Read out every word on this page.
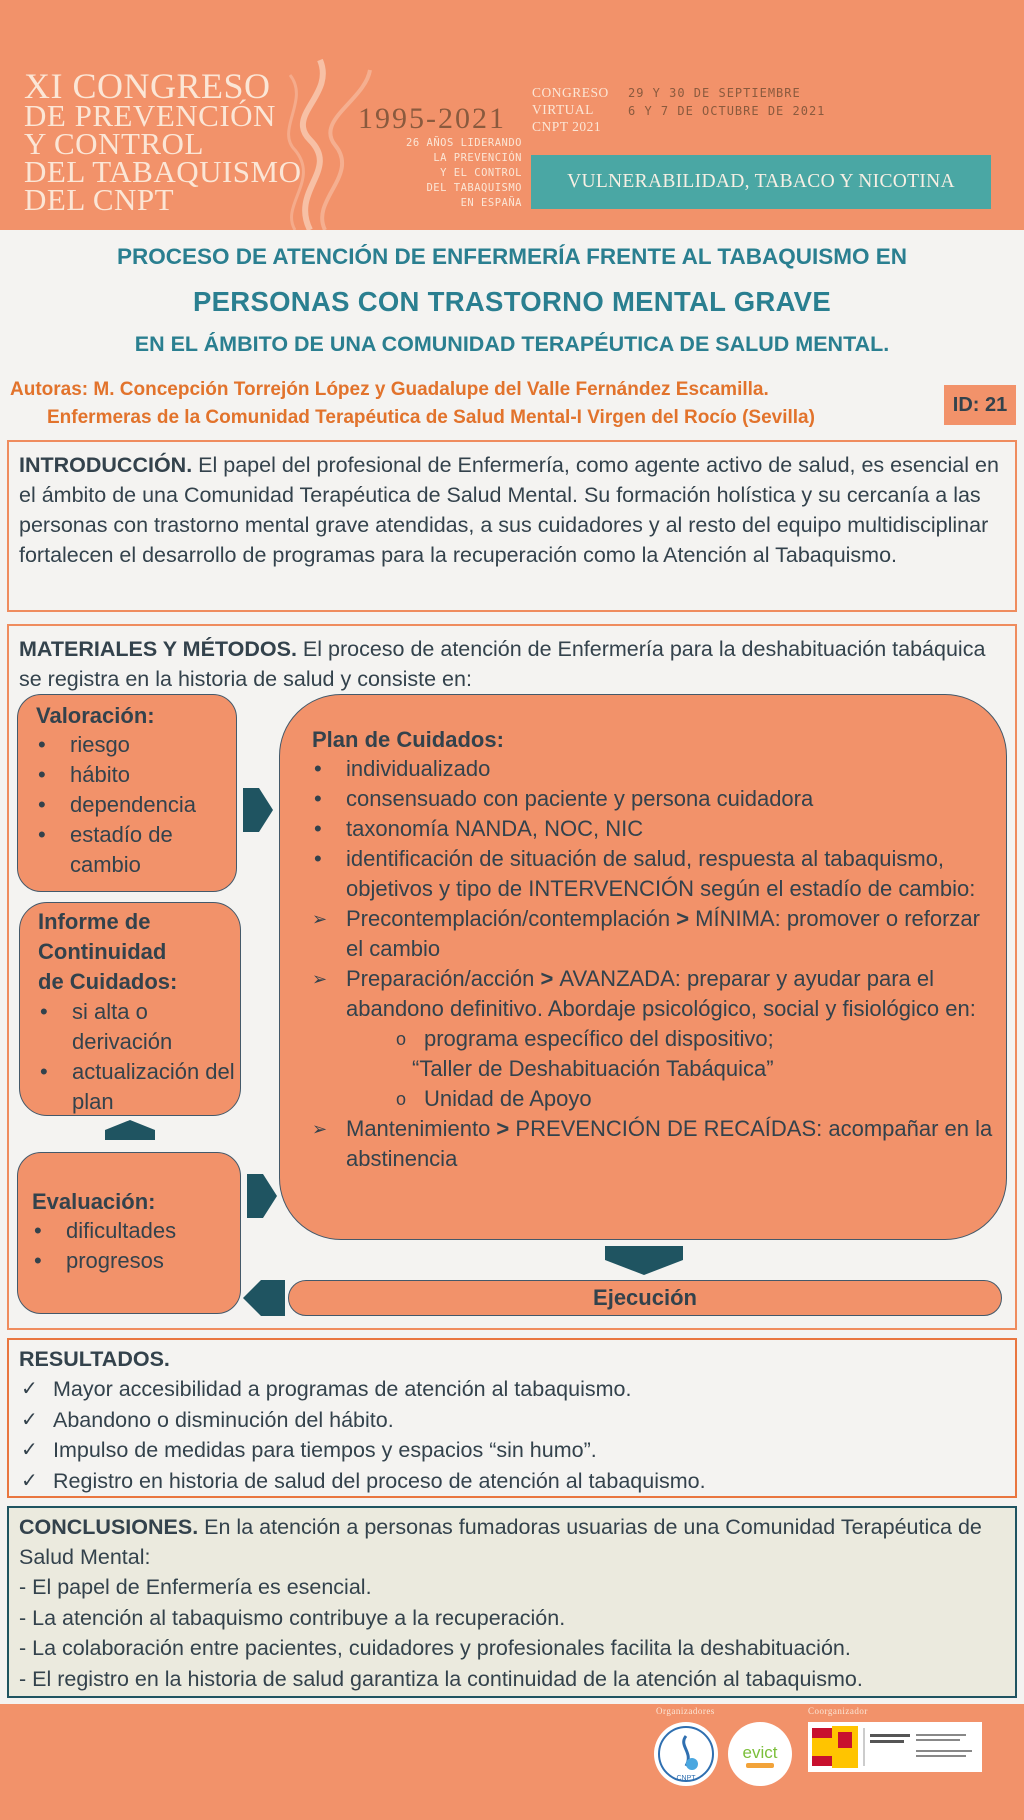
XI CONGRESO
DE PREVENCIÓN
Y CONTROL
DEL TABAQUISMO
DEL CNPT
1995-2021
26 AÑOS LIDERANDO
LA PREVENCIÓN
Y EL CONTROL
DEL TABAQUISMO
EN ESPAÑA
CONGRESO
VIRTUAL
CNPT 2021
29 Y 30 DE SEPTIEMBRE
6 Y 7 DE OCTUBRE DE 2021
VULNERABILIDAD, TABACO Y NICOTINA
PROCESO DE ATENCIÓN DE ENFERMERÍA FRENTE AL TABAQUISMO EN
PERSONAS CON TRASTORNO MENTAL GRAVE
EN EL ÁMBITO DE UNA COMUNIDAD TERAPÉUTICA DE SALUD MENTAL.
Autoras: M. Concepción Torrejón López y Guadalupe del Valle Fernández Escamilla.
Enfermeras de la Comunidad Terapéutica de Salud Mental-I Virgen del Rocío (Sevilla)
ID: 21
INTRODUCCIÓN. El papel del profesional de Enfermería, como agente activo de salud, es esencial en el ámbito de una Comunidad Terapéutica de Salud Mental. Su formación holística y su cercanía a las personas con trastorno mental grave atendidas, a sus cuidadores y al resto del equipo multidisciplinar fortalecen el desarrollo de programas para la recuperación como la Atención al Tabaquismo.
MATERIALES Y MÉTODOS. El proceso de atención de Enfermería para la deshabituación tabáquica se registra en la historia de salud y consiste en:
Valoración:
• riesgo
• hábito
• dependencia
• estadío de cambio
Informe de
Continuidad
de Cuidados:
• si alta o derivación
• actualización del plan
Evaluación:
• dificultades
• progresos
Plan de Cuidados:
• individualizado
• consensuado con paciente y persona cuidadora
• taxonomía NANDA, NOC, NIC
• identificación de situación de salud, respuesta al tabaquismo, objetivos y tipo de INTERVENCIÓN según el estadío de cambio:
➢ Precontemplación/contemplación > MÍNIMA: promover o reforzar el cambio
➢ Preparación/acción > AVANZADA: preparar y ayudar para el abandono definitivo. Abordaje psicológico, social y fisiológico en:
o programa específico del dispositivo;
“Taller de Deshabituación Tabáquica”
o Unidad de Apoyo
➢ Mantenimiento > PREVENCIÓN DE RECAÍDAS: acompañar en la abstinencia
Ejecución
RESULTADOS.
✓ Mayor accesibilidad a programas de atención al tabaquismo.
✓ Abandono o disminución del hábito.
✓ Impulso de medidas para tiempos y espacios “sin humo”.
✓ Registro en historia de salud del proceso de atención al tabaquismo.
CONCLUSIONES. En la atención a personas fumadoras usuarias de una Comunidad Terapéutica de Salud Mental:
- El papel de Enfermería es esencial.
- La atención al tabaquismo contribuye a la recuperación.
- La colaboración entre pacientes, cuidadores y profesionales facilita la deshabituación.
- El registro en la historia de salud garantiza la continuidad de la atención al tabaquismo.
Organizadores	Coorganizador
CNPT
evict
